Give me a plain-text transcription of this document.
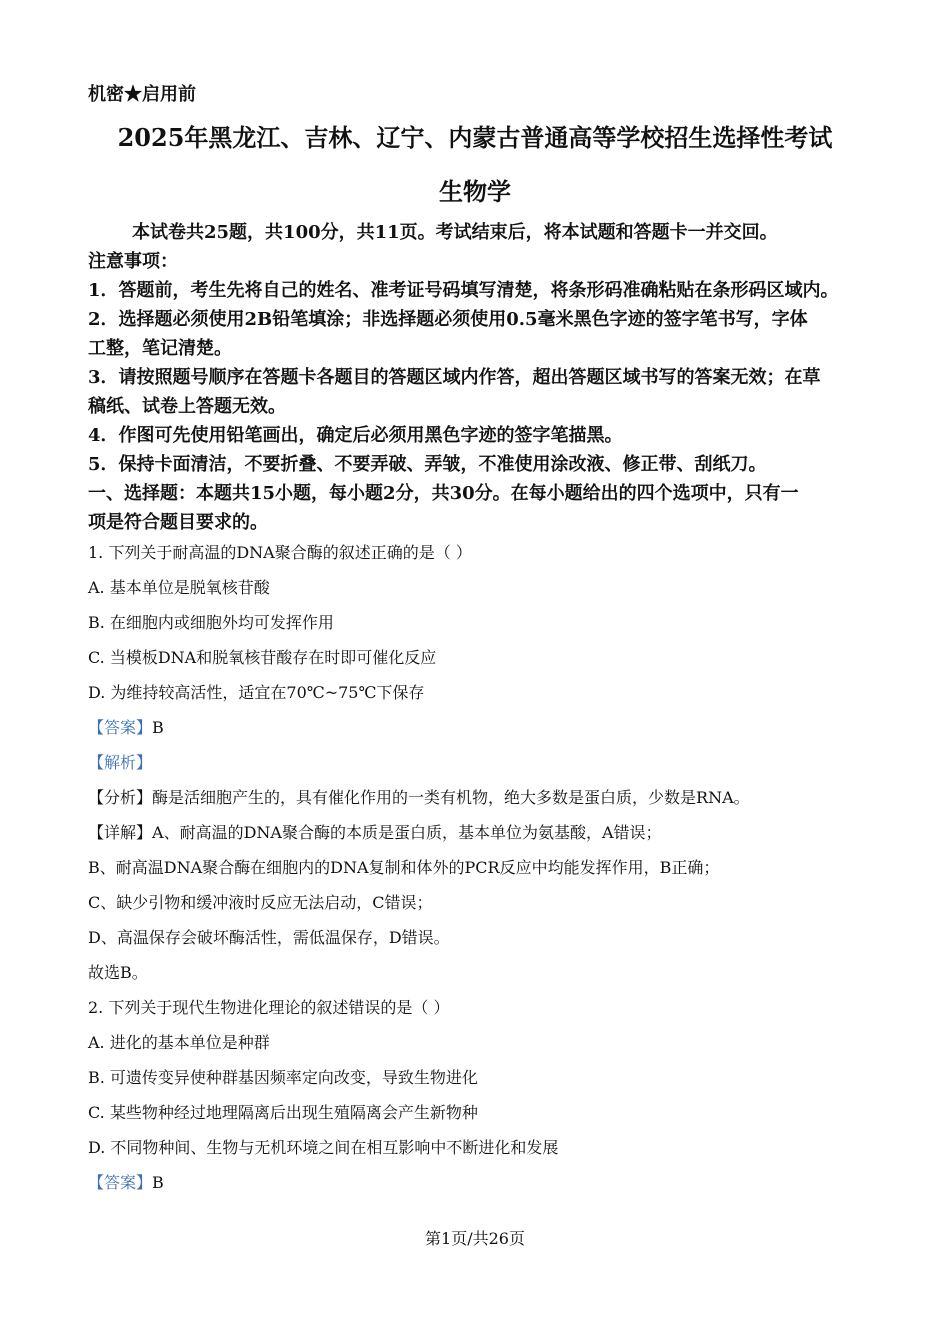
机密★启用前
2025年黑龙江、吉林、辽宁、内蒙古普通高等学校招生选择性考试
生物学
本试卷共25题，共100分，共11页。考试结束后，将本试题和答题卡一并交回。
注意事项：
1．答题前，考生先将自己的姓名、准考证号码填写清楚，将条形码准确粘贴在条形码区域内。
2．选择题必须使用2B铅笔填涂；非选择题必须使用0.5毫米黑色字迹的签字笔书写，字体
工整，笔记清楚。
3．请按照题号顺序在答题卡各题目的答题区域内作答，超出答题区域书写的答案无效；在草
稿纸、试卷上答题无效。
4．作图可先使用铅笔画出，确定后必须用黑色字迹的签字笔描黑。
5．保持卡面清洁，不要折叠、不要弄破、弄皱，不准使用涂改液、修正带、刮纸刀。
一、选择题：本题共15小题，每小题2分，共30分。在每小题给出的四个选项中，只有一
项是符合题目要求的。
1. 下列关于耐高温的DNA聚合酶的叙述正确的是（ ）
A. 基本单位是脱氧核苷酸
B. 在细胞内或细胞外均可发挥作用
C. 当模板DNA和脱氧核苷酸存在时即可催化反应
D. 为维持较高活性，适宜在70℃~75℃下保存
【答案】B
【解析】
【分析】酶是活细胞产生的，具有催化作用的一类有机物，绝大多数是蛋白质，少数是RNA。
【详解】A、耐高温的DNA聚合酶的本质是蛋白质，基本单位为氨基酸，A错误；
B、耐高温DNA聚合酶在细胞内的DNA复制和体外的PCR反应中均能发挥作用，B正确；
C、缺少引物和缓冲液时反应无法启动，C错误；
D、高温保存会破坏酶活性，需低温保存，D错误。
故选B。
2. 下列关于现代生物进化理论的叙述错误的是（ ）
A. 进化的基本单位是种群
B. 可遗传变异使种群基因频率定向改变，导致生物进化
C. 某些物种经过地理隔离后出现生殖隔离会产生新物种
D. 不同物种间、生物与无机环境之间在相互影响中不断进化和发展
【答案】B
第1页/共26页
